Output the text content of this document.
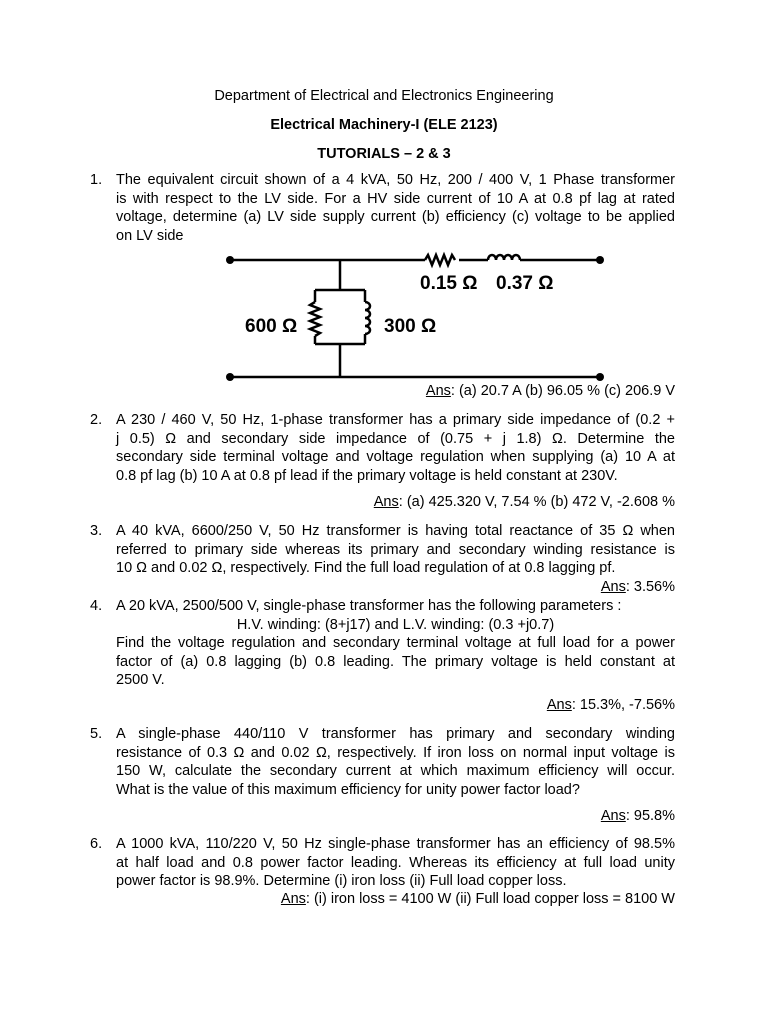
Department of Electrical and Electronics Engineering
Electrical Machinery-I (ELE 2123)
TUTORIALS – 2 & 3
1. The equivalent circuit shown of a 4 kVA, 50 Hz, 200 / 400 V, 1 Phase transformer
is with respect to the LV side. For a HV side current of 10 A at 0.8 pf lag at rated
voltage, determine (a) LV side supply current (b) efficiency (c) voltage to be applied
on LV side
0.15 Ω 0.37 Ω
600 Ω	300 Ω
Ans: (a) 20.7 A (b) 96.05 % (c) 206.9 V
2. A 230 / 460 V, 50 Hz, 1-phase transformer has a primary side impedance of (0.2 +
j 0.5) Ω and secondary side impedance of (0.75 + j 1.8) Ω. Determine the
secondary side terminal voltage and voltage regulation when supplying (a) 10 A at
0.8 pf lag (b) 10 A at 0.8 pf lead if the primary voltage is held constant at 230V.
Ans: (a) 425.320 V, 7.54 % (b) 472 V, -2.608 %
3. A 40 kVA, 6600/250 V, 50 Hz transformer is having total reactance of 35 Ω when
referred to primary side whereas its primary and secondary winding resistance is
10 Ω and 0.02 Ω, respectively. Find the full load regulation of at 0.8 lagging pf.
Ans: 3.56%
4. A 20 kVA, 2500/500 V, single-phase transformer has the following parameters :
H.V. winding: (8+j17) and L.V. winding: (0.3 +j0.7)
Find the voltage regulation and secondary terminal voltage at full load for a power
factor of (a) 0.8 lagging (b) 0.8 leading. The primary voltage is held constant at
2500 V.
Ans: 15.3%, -7.56%
5. A single-phase 440/110 V transformer has primary and secondary winding
resistance of 0.3 Ω and 0.02 Ω, respectively. If iron loss on normal input voltage is
150 W, calculate the secondary current at which maximum efficiency will occur.
What is the value of this maximum efficiency for unity power factor load?
Ans: 95.8%
6. A 1000 kVA, 110/220 V, 50 Hz single-phase transformer has an efficiency of 98.5%
at half load and 0.8 power factor leading. Whereas its efficiency at full load unity
power factor is 98.9%. Determine (i) iron loss (ii) Full load copper loss.
Ans: (i) iron loss = 4100 W (ii) Full load copper loss = 8100 W
